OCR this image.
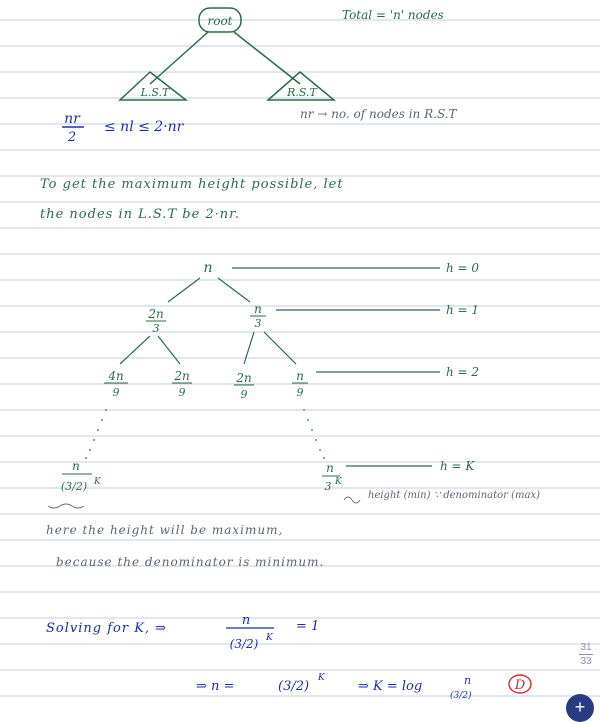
root
L.S.T	R.S.T
Total = 'n' nodes
nr
2
≤ nl ≤ 2·nr
nr → no. of nodes in R.S.T
To get the maximum height possible, let
the nodes in L.S.T be 2·nr.
n	h = 0
2n
3
n
3
h = 1
4n
9
2n
9
2n
9
n
9
h = 2
n
(3/2) K
n
3 K
h = K
height (min) ∵ denominator (max)
here the height will be maximum,
because the denominator is minimum.
Solving for K, ⇒
n
(3/2) K
= 1
⇒ n =	(3/2)
K
⇒ K = log	n
(3/2)
D
31
33
+
